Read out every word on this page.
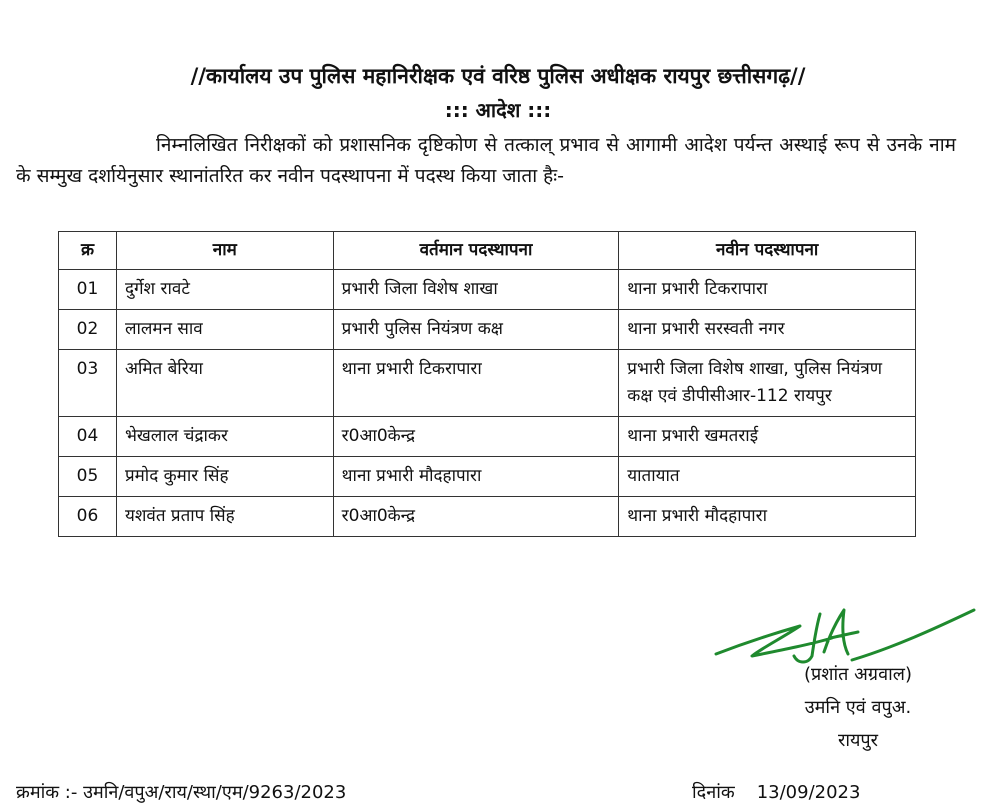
//कार्यालय उप पुलिस महानिरीक्षक एवं वरिष्ठ पुलिस अधीक्षक रायपुर छत्तीसगढ़//
::: आदेश :::
निम्नलिखित निरीक्षकों को प्रशासनिक दृष्टिकोण से तत्काल् प्रभाव से आगामी आदेश पर्यन्त अस्थाई रूप से उनके नाम के सम्मुख दर्शायेनुसार स्थानांतरित कर नवीन पदस्थापना में पदस्थ किया जाता हैः-
क्र	नाम	वर्तमान पदस्थापना	नवीन पदस्थापना
01	दुर्गेश रावटे	प्रभारी जिला विशेष शाखा	थाना प्रभारी टिकरापारा
02	लालमन साव	प्रभारी पुलिस नियंत्रण कक्ष	थाना प्रभारी सरस्वती नगर
03	अमित बेरिया	थाना प्रभारी टिकरापारा	प्रभारी जिला विशेष शाखा, पुलिस नियंत्रण कक्ष एवं डीपीसीआर-112 रायपुर
04	भेखलाल चंद्राकर	र0आ0केन्द्र	थाना प्रभारी खमतराई
05	प्रमोद कुमार सिंह	थाना प्रभारी मौदहापारा	यातायात
06	यशवंत प्रताप सिंह	र0आ0केन्द्र	थाना प्रभारी मौदहापारा
(प्रशांत अग्रवाल)
उमनि एवं वपुअ.
रायपुर
क्रमांक :- उमनि/वपुअ/राय/स्था/एम/9263/2023	दिनांक 13/09/2023
